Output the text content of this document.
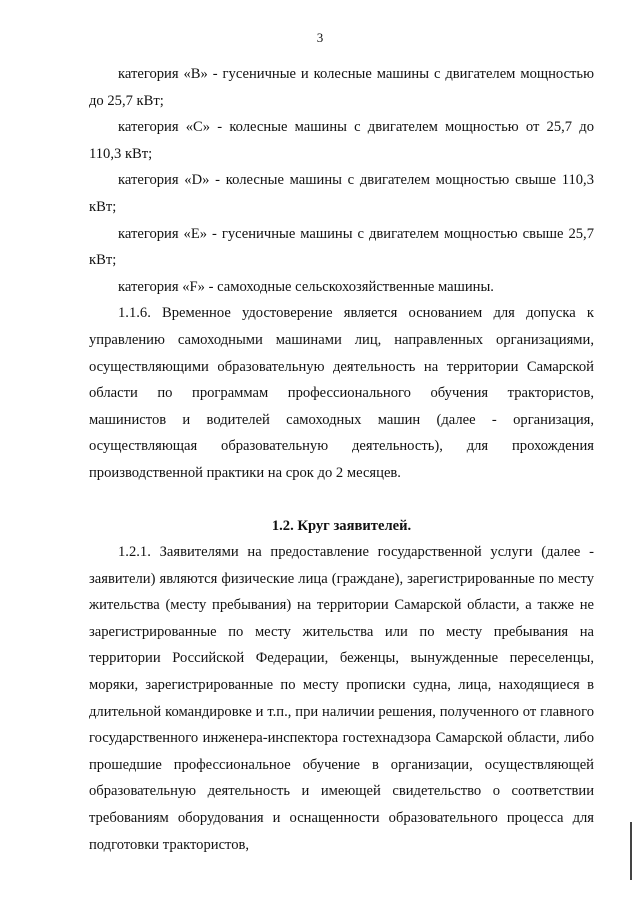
3

категория «В» - гусеничные и колесные машины с двигателем мощностью до 25,7 кВт;

категория «С» - колесные машины с двигателем мощностью от 25,7 до 110,3 кВт;

категория «D» - колесные машины с двигателем мощностью свыше 110,3 кВт;

категория «Е» - гусеничные машины с двигателем мощностью свыше 25,7 кВт;

категория «F» - самоходные сельскохозяйственные машины.

1.1.6. Временное удостоверение является основанием для допуска к управлению самоходными машинами лиц, направленных организациями, осуществляющими образовательную деятельность на территории Самарской области по программам профессионального обучения трактористов, машинистов и водителей самоходных машин (далее - организация, осуществляющая образовательную деятельность), для прохождения производственной практики на срок до 2 месяцев.

1.2. Круг заявителей.

1.2.1. Заявителями на предоставление государственной услуги (далее - заявители) являются физические лица (граждане), зарегистрированные по месту жительства (месту пребывания) на территории Самарской области, а также не зарегистрированные по месту жительства или по месту пребывания на территории Российской Федерации, беженцы, вынужденные переселенцы, моряки, зарегистрированные по месту прописки судна, лица, находящиеся в длительной командировке и т.п., при наличии решения, полученного от главного государственного инженера-инспектора гостехнадзора Самарской области, либо прошедшие профессиональное обучение в организации, осуществляющей образовательную деятельность и имеющей свидетельство о соответствии требованиям оборудования и оснащенности образовательного процесса для подготовки трактористов,
